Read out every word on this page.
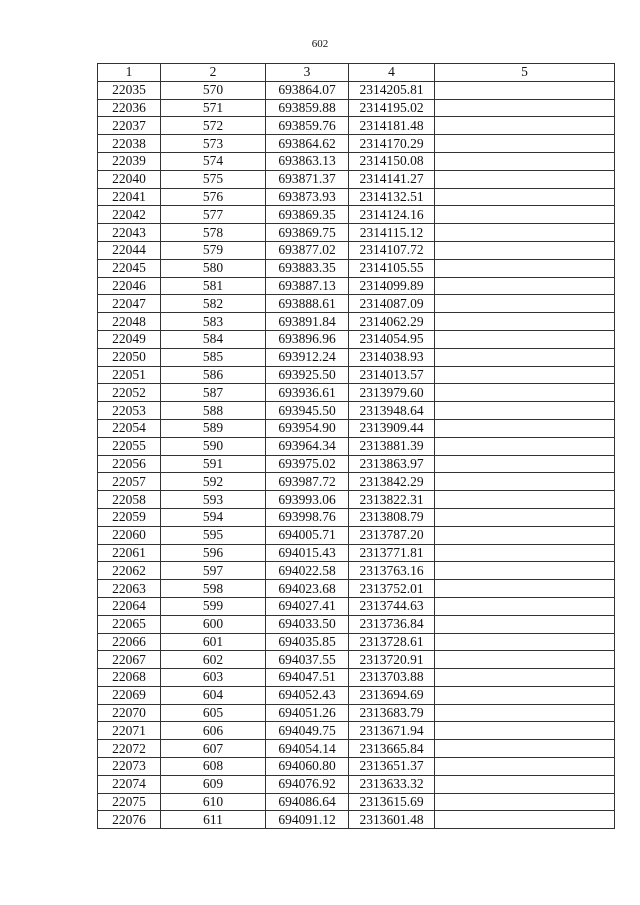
602
1	2	3	4	5
22035	570	693864.07	2314205.81	
22036	571	693859.88	2314195.02	
22037	572	693859.76	2314181.48	
22038	573	693864.62	2314170.29	
22039	574	693863.13	2314150.08	
22040	575	693871.37	2314141.27	
22041	576	693873.93	2314132.51	
22042	577	693869.35	2314124.16	
22043	578	693869.75	2314115.12	
22044	579	693877.02	2314107.72	
22045	580	693883.35	2314105.55	
22046	581	693887.13	2314099.89	
22047	582	693888.61	2314087.09	
22048	583	693891.84	2314062.29	
22049	584	693896.96	2314054.95	
22050	585	693912.24	2314038.93	
22051	586	693925.50	2314013.57	
22052	587	693936.61	2313979.60	
22053	588	693945.50	2313948.64	
22054	589	693954.90	2313909.44	
22055	590	693964.34	2313881.39	
22056	591	693975.02	2313863.97	
22057	592	693987.72	2313842.29	
22058	593	693993.06	2313822.31	
22059	594	693998.76	2313808.79	
22060	595	694005.71	2313787.20	
22061	596	694015.43	2313771.81	
22062	597	694022.58	2313763.16	
22063	598	694023.68	2313752.01	
22064	599	694027.41	2313744.63	
22065	600	694033.50	2313736.84	
22066	601	694035.85	2313728.61	
22067	602	694037.55	2313720.91	
22068	603	694047.51	2313703.88	
22069	604	694052.43	2313694.69	
22070	605	694051.26	2313683.79	
22071	606	694049.75	2313671.94	
22072	607	694054.14	2313665.84	
22073	608	694060.80	2313651.37	
22074	609	694076.92	2313633.32	
22075	610	694086.64	2313615.69	
22076	611	694091.12	2313601.48	
